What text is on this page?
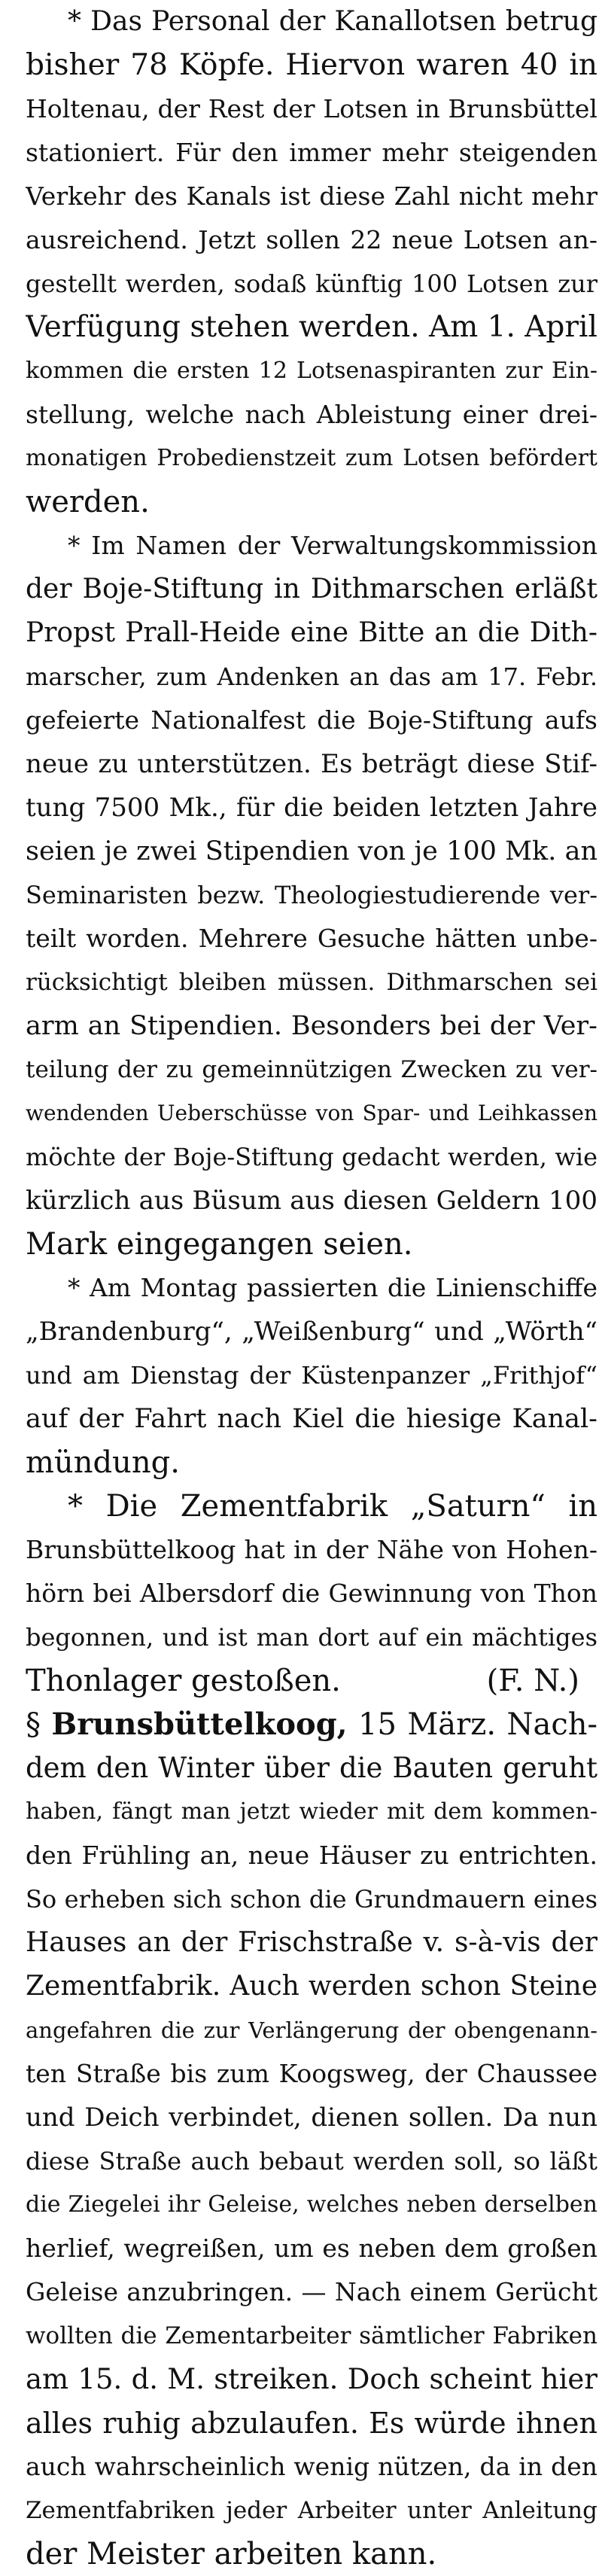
* Das Personal der Kanallotsen betrug
bisher 78 Köpfe. Hiervon waren 40 in
Holtenau, der Rest der Lotsen in Brunsbüttel
stationiert. Für den immer mehr steigenden
Verkehr des Kanals ist diese Zahl nicht mehr
ausreichend. Jetzt sollen 22 neue Lotsen an-
gestellt werden, sodaß künftig 100 Lotsen zur
Verfügung stehen werden. Am 1. April
kommen die ersten 12 Lotsenaspiranten zur Ein-
stellung, welche nach Ableistung einer drei-
monatigen Probedienstzeit zum Lotsen befördert
werden.
* Im Namen der Verwaltungskommission
der Boje-Stiftung in Dithmarschen erläßt
Propst Prall-Heide eine Bitte an die Dith-
marscher, zum Andenken an das am 17. Febr.
gefeierte Nationalfest die Boje-Stiftung aufs
neue zu unterstützen. Es beträgt diese Stif-
tung 7500 Mk., für die beiden letzten Jahre
seien je zwei Stipendien von je 100 Mk. an
Seminaristen bezw. Theologiestudierende ver-
teilt worden. Mehrere Gesuche hätten unbe-
rücksichtigt bleiben müssen. Dithmarschen sei
arm an Stipendien. Besonders bei der Ver-
teilung der zu gemeinnützigen Zwecken zu ver-
wendenden Ueberschüsse von Spar- und Leihkassen
möchte der Boje-Stiftung gedacht werden, wie
kürzlich aus Büsum aus diesen Geldern 100
Mark eingegangen seien.
* Am Montag passierten die Linienschiffe
„Brandenburg“, „Weißenburg“ und „Wörth“
und am Dienstag der Küstenpanzer „Frithjof“
auf der Fahrt nach Kiel die hiesige Kanal-
mündung.
* Die Zementfabrik „Saturn“ in
Brunsbüttelkoog hat in der Nähe von Hohen-
hörn bei Albersdorf die Gewinnung von Thon
begonnen, und ist man dort auf ein mächtiges
Thonlager gestoßen.	(F. N.)
§ Brunsbüttelkoog, 15 März. Nach-
dem den Winter über die Bauten geruht
haben, fängt man jetzt wieder mit dem kommen-
den Frühling an, neue Häuser zu entrichten.
So erheben sich schon die Grundmauern eines
Hauses an der Frischstraße v. s-à-vis der
Zementfabrik. Auch werden schon Steine
angefahren die zur Verlängerung der obengenann-
ten Straße bis zum Koogsweg, der Chaussee
und Deich verbindet, dienen sollen. Da nun
diese Straße auch bebaut werden soll, so läßt
die Ziegelei ihr Geleise, welches neben derselben
herlief, wegreißen, um es neben dem großen
Geleise anzubringen. — Nach einem Gerücht
wollten die Zementarbeiter sämtlicher Fabriken
am 15. d. M. streiken. Doch scheint hier
alles ruhig abzulaufen. Es würde ihnen
auch wahrscheinlich wenig nützen, da in den
Zementfabriken jeder Arbeiter unter Anleitung
der Meister arbeiten kann.
